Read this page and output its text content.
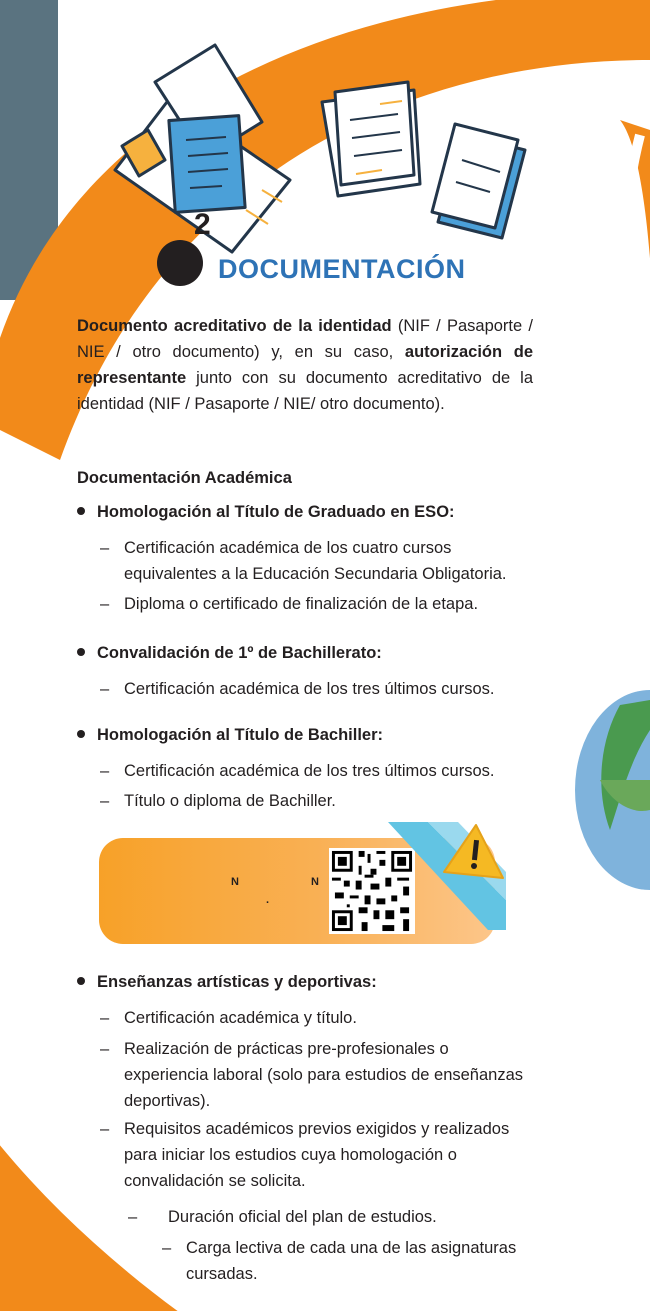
2
DOCUMENTACIÓN
Documento acreditativo de la identidad (NIF / Pasaporte / NIE / otro documento) y, en su caso, autorización de representante junto con su documento acreditativo de la identidad (NIF / Pasaporte / NIE/ otro documento).
Documentación Académica
Homologación al Título de Graduado en ESO:
– Certificación académica de los cuatro cursos equivalentes a la Educación Secundaria Obligatoria.
– Diploma o certificado de finalización de la etapa.
Convalidación de 1º de Bachillerato:
– Certificación académica de los tres últimos cursos.
Homologación al Título de Bachiller:
– Certificación académica de los tres últimos cursos.
– Título o diploma de Bachiller.
N
.
N
Enseñanzas artísticas y deportivas:
– Certificación académica y título.
– Realización de prácticas pre-profesionales o experiencia laboral (solo para estudios de enseñanzas deportivas).
– Requisitos académicos previos exigidos y realizados para iniciar los estudios cuya homologación o convalidación se solicita.
– Duración oficial del plan de estudios.
– Carga lectiva de cada una de las asignaturas cursadas.
